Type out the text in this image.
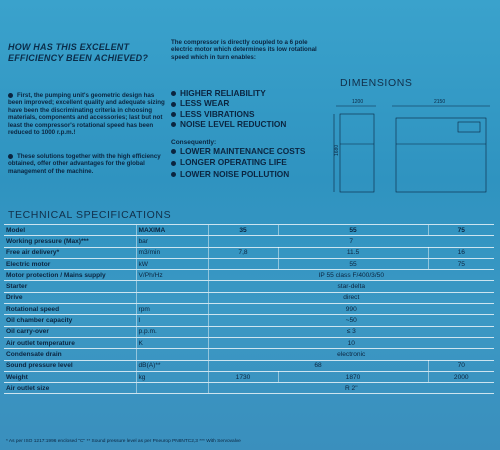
HOW HAS THIS EXCELENT EFFICIENCY BEEN ACHIEVED?
First, the pumping unit's geometric design has been improved; excellent quality and adequate sizing have been the discriminating criteria in choosing materials, components and accessories; last but not least the compressor's rotational speed has been reduced to 1000 r.p.m.!
These solutions together with the high efficiency obtained, offer other advantages for the global management of the machine.
The compressor is directly coupled to a 6 pole electric motor which determines its low rotational speed which in turn enables:
HIGHER RELIABILITY
LESS WEAR
LESS VIBRATIONS
NOISE LEVEL REDUCTION
Consequently:
LOWER MAINTENANCE COSTS
LONGER OPERATING LIFE
LOWER NOISE POLLUTION
DIMENSIONS
1200	2150
1680
TECHNICAL SPECIFICATIONS
Model	MAXIMA	35	55	75
Working pressure (Max)***	bar	7		
Free air delivery*	m3/min	7,8	11.5	16
Electric motor	kW		55	75
Motor protection / Mains supply	V/Ph/Hz	IP 55 class F/400/3/50		
Starter		star-delta		
Drive		direct		
Rotational speed	rpm	990		
Oil chamber capacity	l	~50		
Oil carry-over	p.p.m.	≤ 3		
Air outlet temperature	K	10		
Condensate drain		electronic		
Sound pressure level	dB(A)**	68		70
Weight	kg	1730	1870	2000
Air outlet size		R 2"		
* As per ISO 1217:1996 enclosed "C" ** Sound pressure level as per Pneurop PN8NTC2,3 *** With Servovalve
